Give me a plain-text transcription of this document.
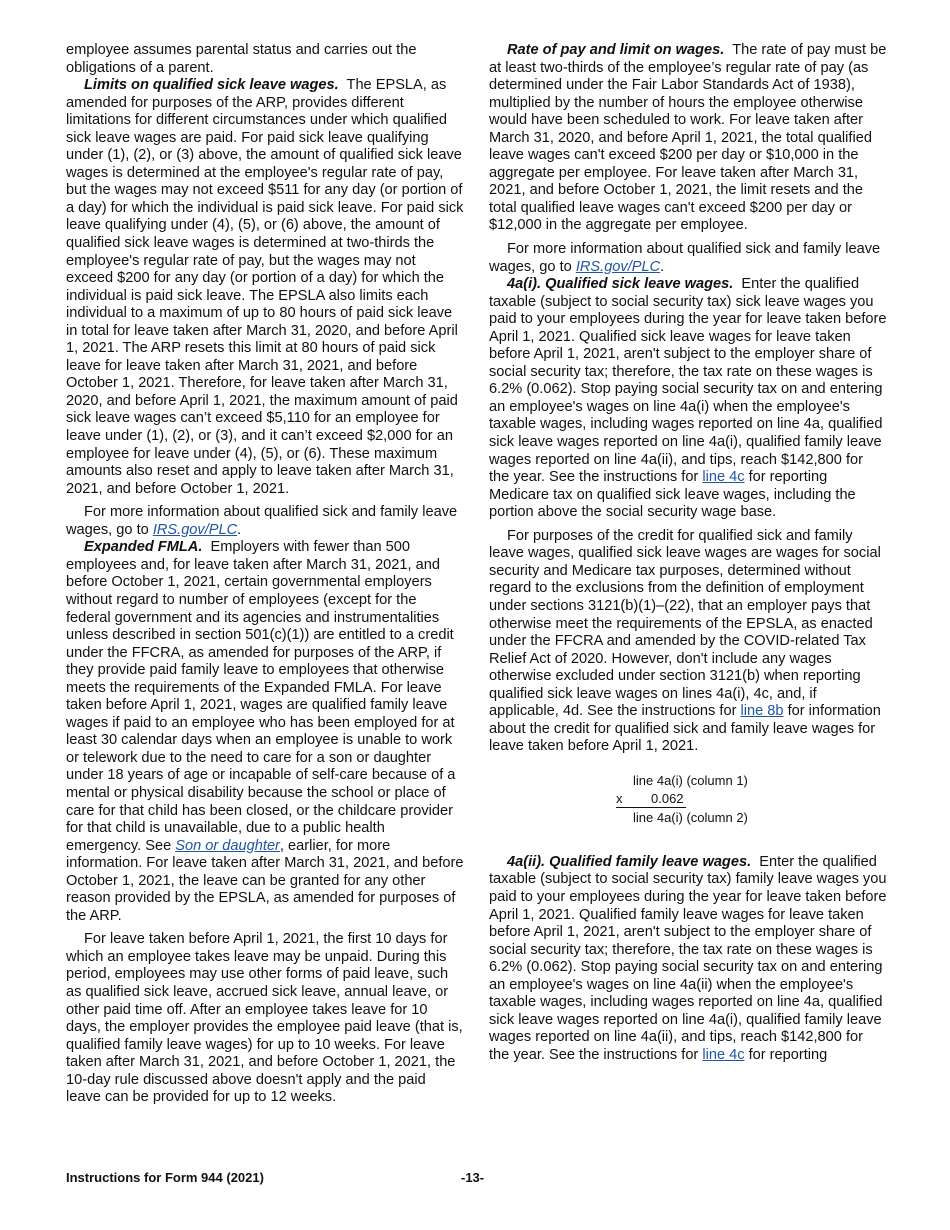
employee assumes parental status and carries out the obligations of a parent.

Limits on qualified sick leave wages. The EPSLA, as amended for purposes of the ARP, provides different limitations for different circumstances under which qualified sick leave wages are paid. For paid sick leave qualifying under (1), (2), or (3) above, the amount of qualified sick leave wages is determined at the employee's regular rate of pay, but the wages may not exceed $511 for any day (or portion of a day) for which the individual is paid sick leave. For paid sick leave qualifying under (4), (5), or (6) above, the amount of qualified sick leave wages is determined at two-thirds the employee's regular rate of pay, but the wages may not exceed $200 for any day (or portion of a day) for which the individual is paid sick leave. The EPSLA also limits each individual to a maximum of up to 80 hours of paid sick leave in total for leave taken after March 31, 2020, and before April 1, 2021. The ARP resets this limit at 80 hours of paid sick leave for leave taken after March 31, 2021, and before October 1, 2021. Therefore, for leave taken after March 31, 2020, and before April 1, 2021, the maximum amount of paid sick leave wages can’t exceed $5,110 for an employee for leave under (1), (2), or (3), and it can’t exceed $2,000 for an employee for leave under (4), (5), or (6). These maximum amounts also reset and apply to leave taken after March 31, 2021, and before October 1, 2021.

For more information about qualified sick and family leave wages, go to IRS.gov/PLC.

Expanded FMLA. Employers with fewer than 500 employees and, for leave taken after March 31, 2021, and before October 1, 2021, certain governmental employers without regard to number of employees (except for the federal government and its agencies and instrumentalities unless described in section 501(c)(1)) are entitled to a credit under the FFCRA, as amended for purposes of the ARP, if they provide paid family leave to employees that otherwise meets the requirements of the Expanded FMLA. For leave taken before April 1, 2021, wages are qualified family leave wages if paid to an employee who has been employed for at least 30 calendar days when an employee is unable to work or telework due to the need to care for a son or daughter under 18 years of age or incapable of self-care because of a mental or physical disability because the school or place of care for that child has been closed, or the childcare provider for that child is unavailable, due to a public health emergency. See Son or daughter, earlier, for more information. For leave taken after March 31, 2021, and before October 1, 2021, the leave can be granted for any other reason provided by the EPSLA, as amended for purposes of the ARP.

For leave taken before April 1, 2021, the first 10 days for which an employee takes leave may be unpaid. During this period, employees may use other forms of paid leave, such as qualified sick leave, accrued sick leave, annual leave, or other paid time off. After an employee takes leave for 10 days, the employer provides the employee paid leave (that is, qualified family leave wages) for up to 10 weeks. For leave taken after March 31, 2021, and before October 1, 2021, the 10-day rule discussed above doesn't apply and the paid leave can be provided for up to 12 weeks.

Rate of pay and limit on wages. The rate of pay must be at least two-thirds of the employee’s regular rate of pay (as determined under the Fair Labor Standards Act of 1938), multiplied by the number of hours the employee otherwise would have been scheduled to work. For leave taken after March 31, 2020, and before April 1, 2021, the total qualified leave wages can't exceed $200 per day or $10,000 in the aggregate per employee. For leave taken after March 31, 2021, and before October 1, 2021, the limit resets and the total qualified leave wages can't exceed $200 per day or $12,000 in the aggregate per employee.

For more information about qualified sick and family leave wages, go to IRS.gov/PLC.

4a(i). Qualified sick leave wages. Enter the qualified taxable (subject to social security tax) sick leave wages you paid to your employees during the year for leave taken before April 1, 2021. Qualified sick leave wages for leave taken before April 1, 2021, aren't subject to the employer share of social security tax; therefore, the tax rate on these wages is 6.2% (0.062). Stop paying social security tax on and entering an employee's wages on line 4a(i) when the employee's taxable wages, including wages reported on line 4a, qualified sick leave wages reported on line 4a(i), qualified family leave wages reported on line 4a(ii), and tips, reach $142,800 for the year. See the instructions for line 4c for reporting Medicare tax on qualified sick leave wages, including the portion above the social security wage base.

For purposes of the credit for qualified sick and family leave wages, qualified sick leave wages are wages for social security and Medicare tax purposes, determined without regard to the exclusions from the definition of employment under sections 3121(b)(1)–(22), that an employer pays that otherwise meet the requirements of the EPSLA, as enacted under the FFCRA and amended by the COVID-related Tax Relief Act of 2020. However, don't include any wages otherwise excluded under section 3121(b) when reporting qualified sick leave wages on lines 4a(i), 4c, and, if applicable, 4d. See the instructions for line 8b for information about the credit for qualified sick and family leave wages for leave taken before April 1, 2021.

line 4a(i) (column 1)
x 0.062

line 4a(i) (column 2)

4a(ii). Qualified family leave wages. Enter the qualified taxable (subject to social security tax) family leave wages you paid to your employees during the year for leave taken before April 1, 2021. Qualified family leave wages for leave taken before April 1, 2021, aren't subject to the employer share of social security tax; therefore, the tax rate on these wages is 6.2% (0.062). Stop paying social security tax on and entering an employee's wages on line 4a(ii) when the employee's taxable wages, including wages reported on line 4a, qualified sick leave wages reported on line 4a(i), qualified family leave wages reported on line 4a(ii), and tips, reach $142,800 for the year. See the instructions for line 4c for reporting

Instructions for Form 944 (2021)	-13-
